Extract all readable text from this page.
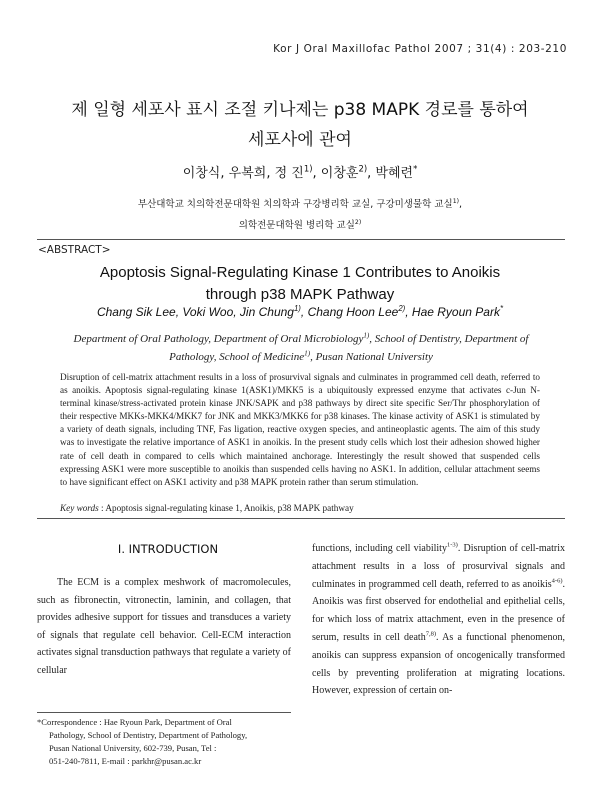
Kor J Oral Maxillofac Pathol 2007 ; 31(4) : 203-210
제 일형 세포사 표시 조절 키나제는 p38 MAPK 경로를 통하여
세포사에 관여
이창식, 우복희, 정 진$^{1)}$, 이창훈$^{2)}$, 박혜련*
부산대학교 치의학전문대학원 치의학과 구강병리학 교실, 구강미생물학 교실$^{1)}$,
의학전문대학원 병리학 교실$^{2)}$
<ABSTRACT>
Apoptosis Signal-Regulating Kinase 1 Contributes to Anoikis
through p38 MAPK Pathway
Chang Sik Lee, Voki Woo, Jin Chung$^{1)}$, Chang Hoon Lee$^{2)}$, Hae Ryoun Park*
Department of Oral Pathology, Department of Oral Microbiology$^{1)}$, School of Dentistry, Department of Pathology, School of Medicine$^{1)}$, Pusan National University
Disruption of cell-matrix attachment results in a loss of prosurvival signals and culminates in programmed cell death, referred to as anoikis. Apoptosis signal-regulating kinase 1(ASK1)/MKK5 is a ubiquitously expressed enzyme that activates c-Jun N-terminal kinase/stress-activated protein kinase JNK/SAPK and p38 pathways by direct site specific Ser/Thr phosphorylation of their respective MKKs-MKK4/MKK7 for JNK and MKK3/MKK6 for p38 kinases. The kinase activity of ASK1 is stimulated by a variety of death signals, including TNF, Fas ligation, reactive oxygen species, and antineoplastic agents. The aim of this study was to investigate the relative importance of ASK1 in anoikis. In the present study cells which lost their adhesion showed higher rate of cell death in compared to cells which maintained anchorage. Interestingly the result showed that suspended cells expressing ASK1 were more susceptible to anoikis than suspended cells having no ASK1. In addition, cellular attachment seems to have significant effect on ASK1 activity and p38 MAPK protein rather than serum stimulation.
Key words : Apoptosis signal-regulating kinase 1, Anoikis, p38 MAPK pathway
I. INTRODUCTION

The ECM is a complex meshwork of macromolecules, such as fibronectin, vitronectin, laminin, and collagen, that provides adhesive support for tissues and transduces a variety of signals that regulate cell behavior. Cell-ECM interaction activates signal transduction pathways that regulate a variety of cellular

functions, including cell viability$^{1-3)}$. Disruption of cell-matrix attachment results in a loss of prosurvival signals and culminates in programmed cell death, referred to as anoikis$^{4-6)}$. Anoikis was first observed for endothelial and epithelial cells, for which loss of matrix attachment, even in the presence of serum, results in cell death$^{7,8)}$. As a functional phenomenon, anoikis can suppress expansion of oncogenically transformed cells by preventing proliferation at migrating locations. However, expression of certain on-

*Correspondence : Hae Ryoun Park, Department of Oral
Pathology, School of Dentistry, Department of Pathology,
Pusan National University, 602-739, Pusan, Tel :
051-240-7811, E-mail : parkhr@pusan.ac.kr
